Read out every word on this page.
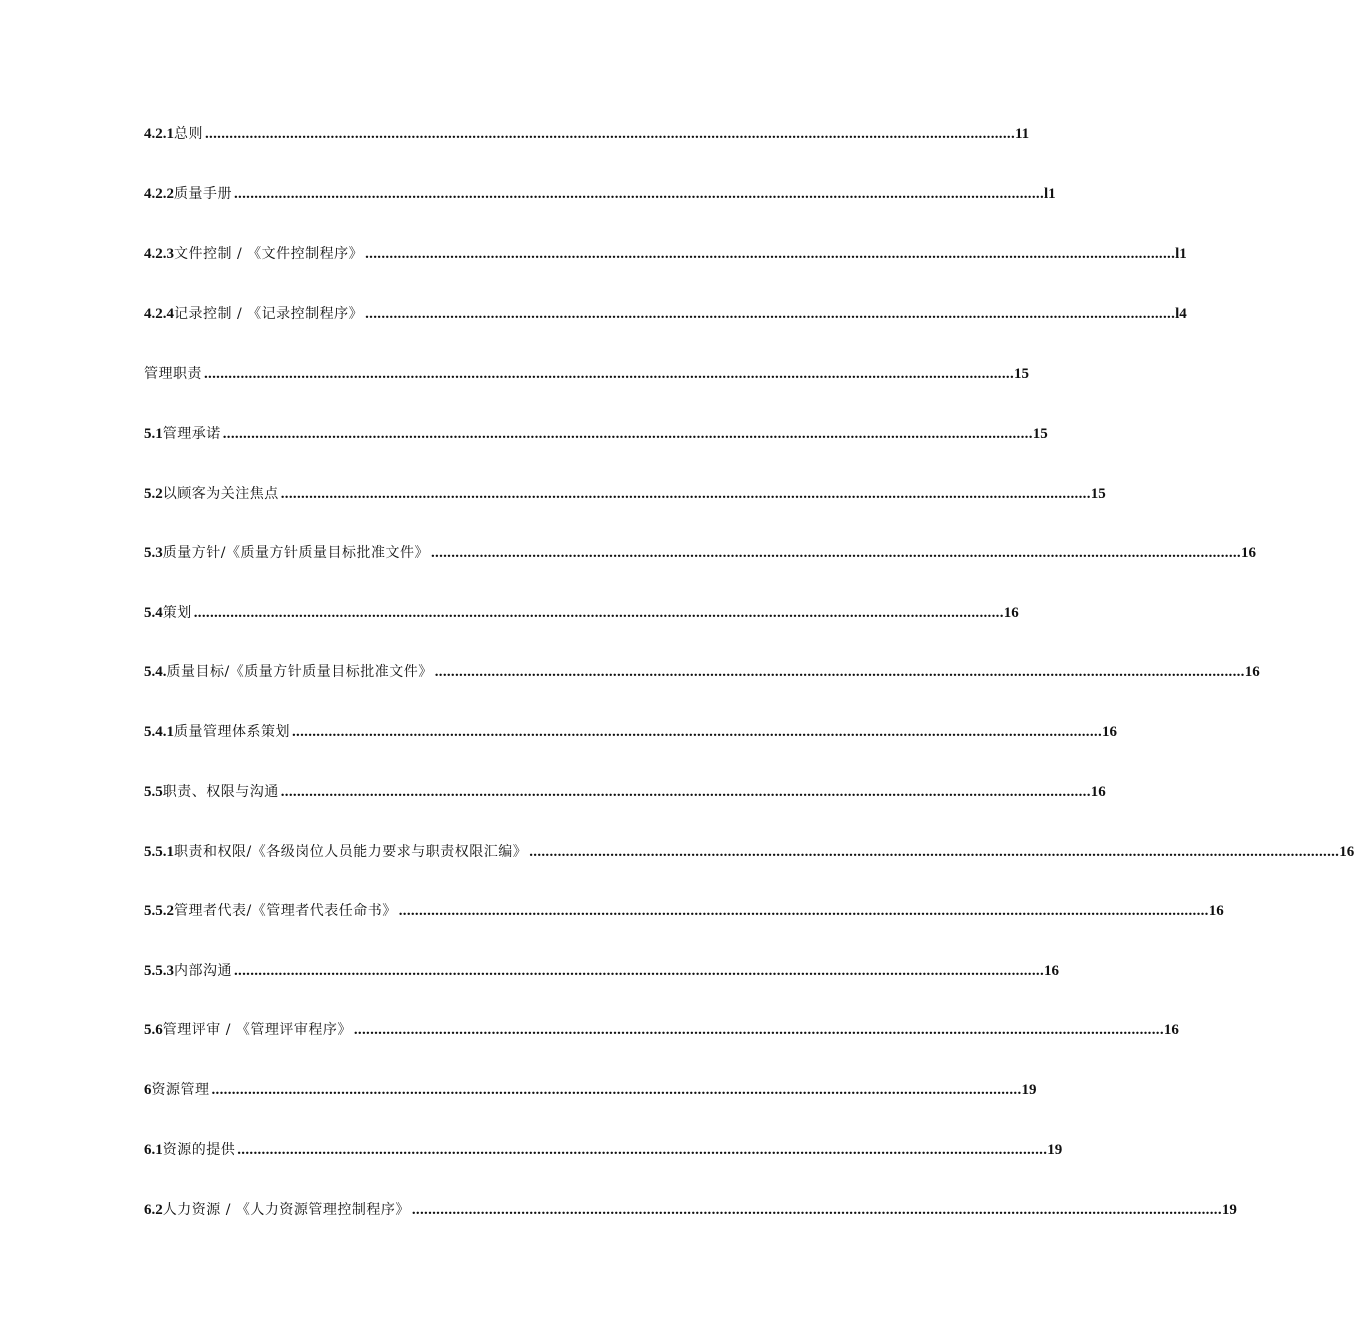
4.2.1 总则 ........................................................................................................................................................................................................ 11
4.2.2 质量手册 ........................................................................................................................................................................................................ l1
4.2.3 文件控制 / 《文件控制程序》 ........................................................................................................................................................................................................ l1
4.2.4 记录控制 / 《记录控制程序》 ........................................................................................................................................................................................................ l4
管理职责 ........................................................................................................................................................................................................ 15
5.1 管理承诺 ........................................................................................................................................................................................................ 15
5.2 以顾客为关注焦点 ........................................................................................................................................................................................................ 15
5.3 质量方针/《质量方针质量目标批准文件》 ........................................................................................................................................................................................................ 16
5.4 策划 ........................................................................................................................................................................................................ 16
5.4. 质量目标/《质量方针质量目标批准文件》 ........................................................................................................................................................................................................ 16
5.4.1 质量管理体系策划 ........................................................................................................................................................................................................ 16
5.5 职责、权限与沟通 ........................................................................................................................................................................................................ 16
5.5.1 职责和权限/《各级岗位人员能力要求与职责权限汇编》 ........................................................................................................................................................................................................ 16
5.5.2 管理者代表/《管理者代表任命书》 ........................................................................................................................................................................................................ 16
5.5.3 内部沟通 ........................................................................................................................................................................................................ 16
5.6 管理评审 / 《管理评审程序》 ........................................................................................................................................................................................................ 16
6 资源管理 ........................................................................................................................................................................................................ 19
6.1 资源的提供 ........................................................................................................................................................................................................ 19
6.2 人力资源 / 《人力资源管理控制程序》 ........................................................................................................................................................................................................ 19
